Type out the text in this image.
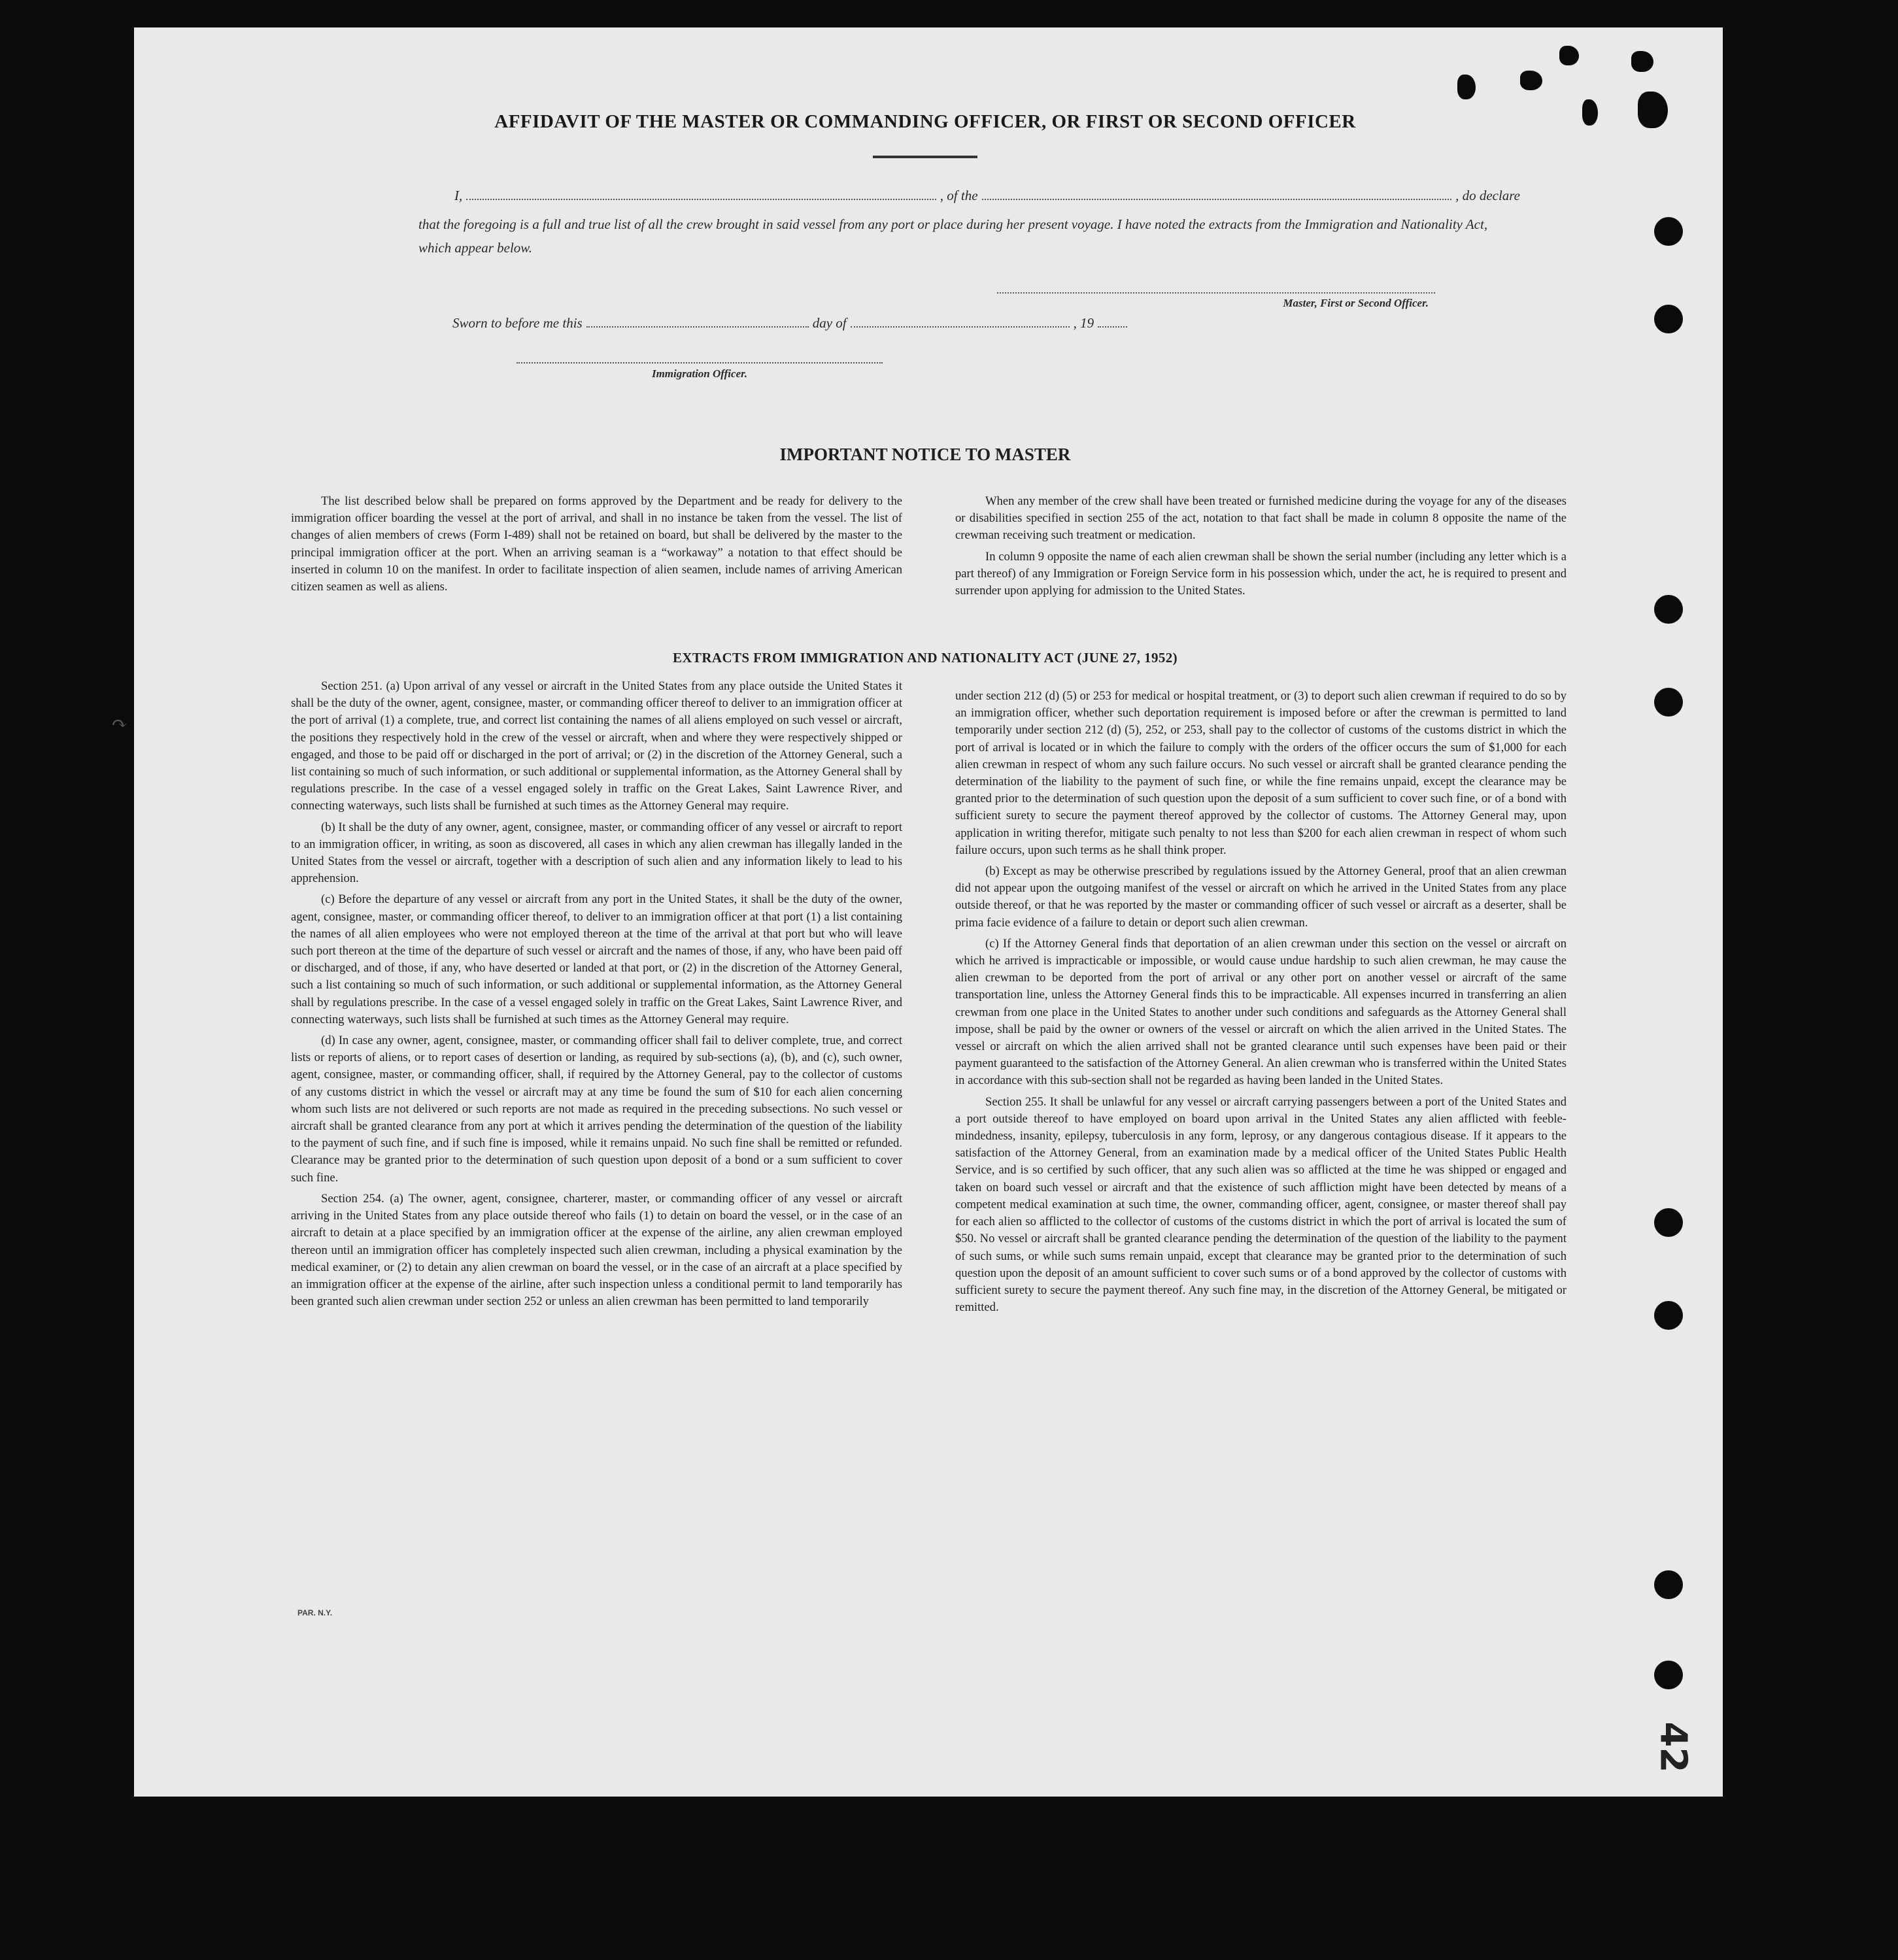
AFFIDAVIT OF THE MASTER OR COMMANDING OFFICER, OR FIRST OR SECOND OFFICER
I,	, of the	, do declare
that the foregoing is a full and true list of all the crew brought in said vessel from any port or place during her present voyage. I have noted the extracts from the Immigration and Nationality Act, which appear below.
Master, First or Second Officer.
Sworn to before me this	day of	, 19
Immigration Officer.
IMPORTANT NOTICE TO MASTER

The list described below shall be prepared on forms approved by the Department and be ready for delivery to the immigration officer boarding the vessel at the port of arrival, and shall in no instance be taken from the vessel. The list of changes of alien members of crews (Form I-489) shall not be retained on board, but shall be delivered by the master to the principal immigration officer at the port. When an arriving seaman is a “workaway” a notation to that effect should be inserted in column 10 on the manifest. In order to facilitate inspection of alien seamen, include names of arriving American citizen seamen as well as aliens.

When any member of the crew shall have been treated or furnished medicine during the voyage for any of the diseases or disabilities specified in section 255 of the act, notation to that fact shall be made in column 8 opposite the name of the crewman receiving such treatment or medication.

In column 9 opposite the name of each alien crewman shall be shown the serial number (including any letter which is a part thereof) of any Immigration or Foreign Service form in his possession which, under the act, he is required to present and surrender upon applying for admission to the United States.

EXTRACTS FROM IMMIGRATION AND NATIONALITY ACT (JUNE 27, 1952)

Section 251. (a) Upon arrival of any vessel or aircraft in the United States from any place outside the United States it shall be the duty of the owner, agent, consignee, master, or commanding officer thereof to deliver to an immigration officer at the port of arrival (1) a complete, true, and correct list containing the names of all aliens employed on such vessel or aircraft, the positions they respectively hold in the crew of the vessel or aircraft, when and where they were respectively shipped or engaged, and those to be paid off or discharged in the port of arrival; or (2) in the discretion of the Attorney General, such a list containing so much of such information, or such additional or supplemental information, as the Attorney General shall by regulations prescribe. In the case of a vessel engaged solely in traffic on the Great Lakes, Saint Lawrence River, and connecting waterways, such lists shall be furnished at such times as the Attorney General may require.

(b) It shall be the duty of any owner, agent, consignee, master, or commanding officer of any vessel or aircraft to report to an immigration officer, in writing, as soon as discovered, all cases in which any alien crewman has illegally landed in the United States from the vessel or aircraft, together with a description of such alien and any information likely to lead to his apprehension.

(c) Before the departure of any vessel or aircraft from any port in the United States, it shall be the duty of the owner, agent, consignee, master, or commanding officer thereof, to deliver to an immigration officer at that port (1) a list containing the names of all alien employees who were not employed thereon at the time of the arrival at that port but who will leave such port thereon at the time of the departure of such vessel or aircraft and the names of those, if any, who have been paid off or discharged, and of those, if any, who have deserted or landed at that port, or (2) in the discretion of the Attorney General, such a list containing so much of such information, or such additional or supplemental information, as the Attorney General shall by regulations prescribe. In the case of a vessel engaged solely in traffic on the Great Lakes, Saint Lawrence River, and connecting waterways, such lists shall be furnished at such times as the Attorney General may require.

(d) In case any owner, agent, consignee, master, or commanding officer shall fail to deliver complete, true, and correct lists or reports of aliens, or to report cases of desertion or landing, as required by sub-sections (a), (b), and (c), such owner, agent, consignee, master, or commanding officer, shall, if required by the Attorney General, pay to the collector of customs of any customs district in which the vessel or aircraft may at any time be found the sum of $10 for each alien concerning whom such lists are not delivered or such reports are not made as required in the preceding subsections. No such vessel or aircraft shall be granted clearance from any port at which it arrives pending the determination of the question of the liability to the payment of such fine, and if such fine is imposed, while it remains unpaid. No such fine shall be remitted or refunded. Clearance may be granted prior to the determination of such question upon deposit of a bond or a sum sufficient to cover such fine.

Section 254. (a) The owner, agent, consignee, charterer, master, or commanding officer of any vessel or aircraft arriving in the United States from any place outside thereof who fails (1) to detain on board the vessel, or in the case of an aircraft to detain at a place specified by an immigration officer at the expense of the airline, any alien crewman employed thereon until an immigration officer has completely inspected such alien crewman, including a physical examination by the medical examiner, or (2) to detain any alien crewman on board the vessel, or in the case of an aircraft at a place specified by an immigration officer at the expense of the airline, after such inspection unless a conditional permit to land temporarily has been granted such alien crewman under section 252 or unless an alien crewman has been permitted to land temporarily

under section 212 (d) (5) or 253 for medical or hospital treatment, or (3) to deport such alien crewman if required to do so by an immigration officer, whether such deportation requirement is imposed before or after the crewman is permitted to land temporarily under section 212 (d) (5), 252, or 253, shall pay to the collector of customs of the customs district in which the port of arrival is located or in which the failure to comply with the orders of the officer occurs the sum of $1,000 for each alien crewman in respect of whom any such failure occurs. No such vessel or aircraft shall be granted clearance pending the determination of the liability to the payment of such fine, or while the fine remains unpaid, except the clearance may be granted prior to the determination of such question upon the deposit of a sum sufficient to cover such fine, or of a bond with sufficient surety to secure the payment thereof approved by the collector of customs. The Attorney General may, upon application in writing therefor, mitigate such penalty to not less than $200 for each alien crewman in respect of whom such failure occurs, upon such terms as he shall think proper.

(b) Except as may be otherwise prescribed by regulations issued by the Attorney General, proof that an alien crewman did not appear upon the outgoing manifest of the vessel or aircraft on which he arrived in the United States from any place outside thereof, or that he was reported by the master or commanding officer of such vessel or aircraft as a deserter, shall be prima facie evidence of a failure to detain or deport such alien crewman.

(c) If the Attorney General finds that deportation of an alien crewman under this section on the vessel or aircraft on which he arrived is impracticable or impossible, or would cause undue hardship to such alien crewman, he may cause the alien crewman to be deported from the port of arrival or any other port on another vessel or aircraft of the same transportation line, unless the Attorney General finds this to be impracticable. All expenses incurred in transferring an alien crewman from one place in the United States to another under such conditions and safeguards as the Attorney General shall impose, shall be paid by the owner or owners of the vessel or aircraft on which the alien arrived in the United States. The vessel or aircraft on which the alien arrived shall not be granted clearance until such expenses have been paid or their payment guaranteed to the satisfaction of the Attorney General. An alien crewman who is transferred within the United States in accordance with this sub-section shall not be regarded as having been landed in the United States.

Section 255. It shall be unlawful for any vessel or aircraft carrying passengers between a port of the United States and a port outside thereof to have employed on board upon arrival in the United States any alien afflicted with feeble-mindedness, insanity, epilepsy, tuberculosis in any form, leprosy, or any dangerous contagious disease. If it appears to the satisfaction of the Attorney General, from an examination made by a medical officer of the United States Public Health Service, and is so certified by such officer, that any such alien was so afflicted at the time he was shipped or engaged and taken on board such vessel or aircraft and that the existence of such affliction might have been detected by means of a competent medical examination at such time, the owner, commanding officer, agent, consignee, or master thereof shall pay for each alien so afflicted to the collector of customs of the customs district in which the port of arrival is located the sum of $50. No vessel or aircraft shall be granted clearance pending the determination of the question of the liability to the payment of such sums, or while such sums remain unpaid, except that clearance may be granted prior to the determination of such question upon the deposit of an amount sufficient to cover such sums or of a bond approved by the collector of customs with sufficient surety to secure the payment thereof. Any such fine may, in the discretion of the Attorney General, be mitigated or remitted.

PAR. N.Y.
↷
42
